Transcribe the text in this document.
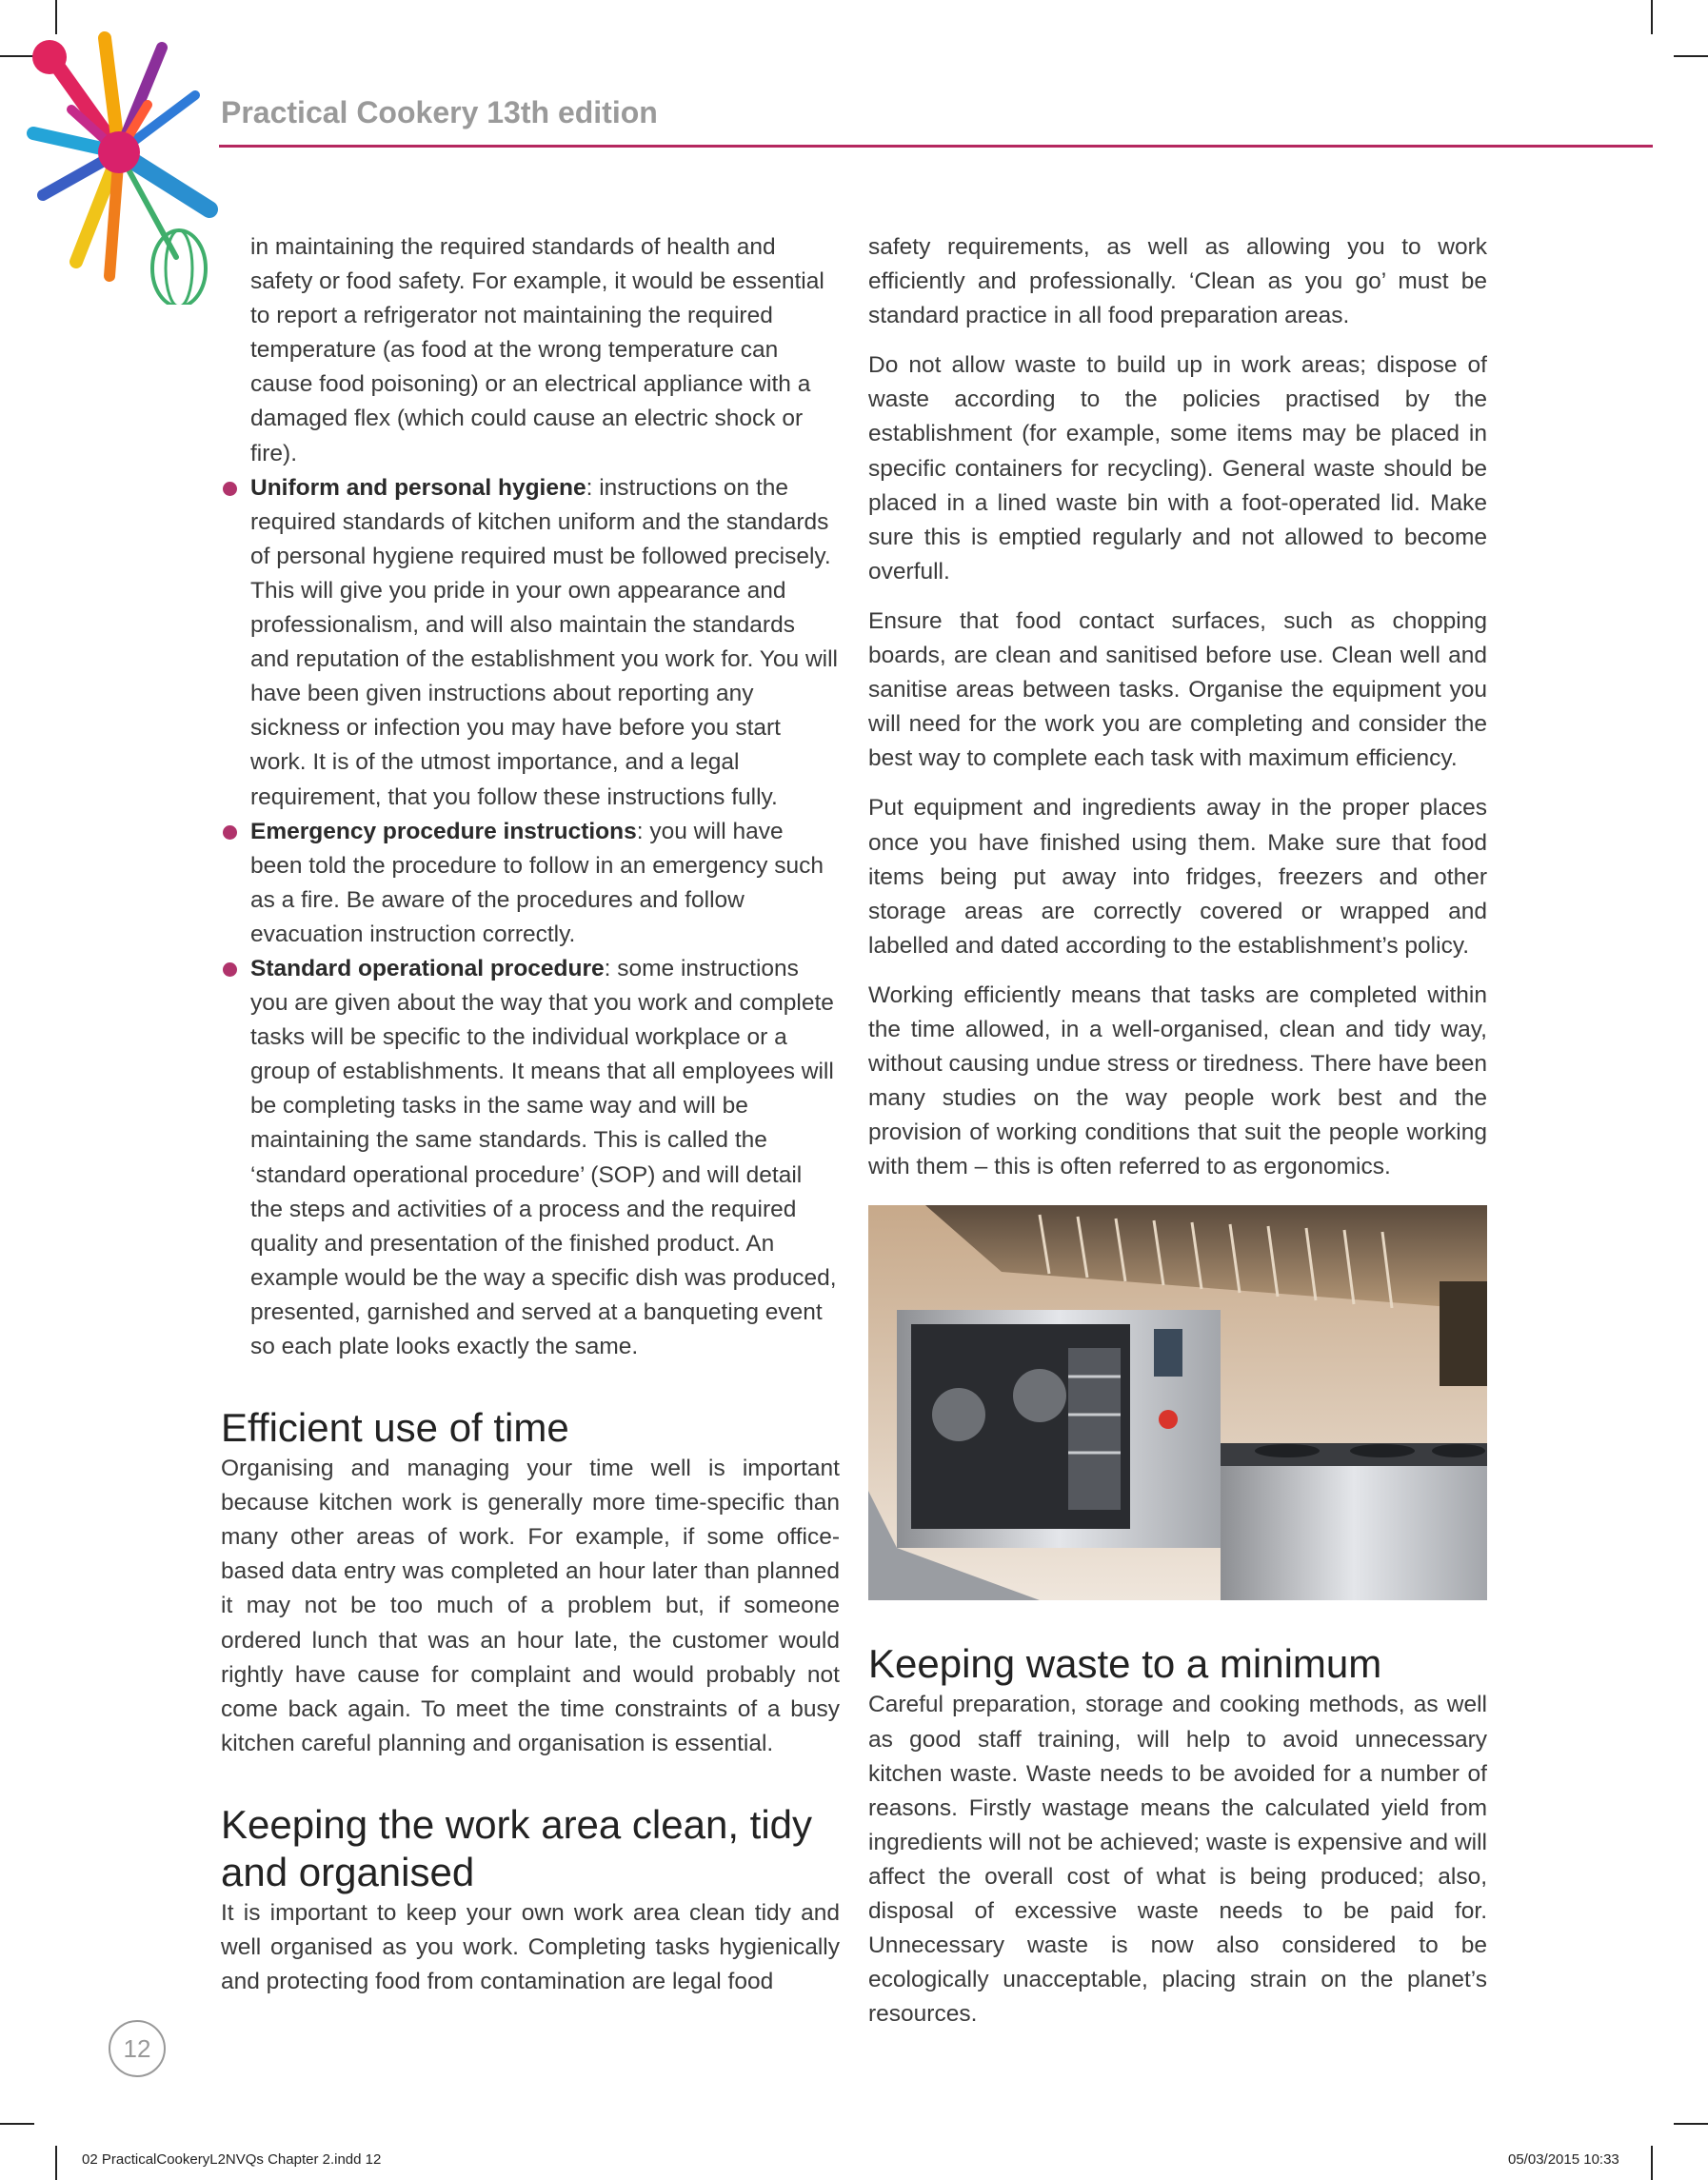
Practical Cookery 13th edition

in maintaining the required standards of health and safety or food safety. For example, it would be essential to report a refrigerator not maintaining the required temperature (as food at the wrong temperature can cause food poisoning) or an electrical appliance with a damaged flex (which could cause an electric shock or fire).

Uniform and personal hygiene: instructions on the required standards of kitchen uniform and the standards of personal hygiene required must be followed precisely. This will give you pride in your own appearance and professionalism, and will also maintain the standards and reputation of the establishment you work for. You will have been given instructions about reporting any sickness or infection you may have before you start work. It is of the utmost importance, and a legal requirement, that you follow these instructions fully.

Emergency procedure instructions: you will have been told the procedure to follow in an emergency such as a fire. Be aware of the procedures and follow evacuation instruction correctly.

Standard operational procedure: some instructions you are given about the way that you work and complete tasks will be specific to the individual workplace or a group of establishments. It means that all employees will be completing tasks in the same way and will be maintaining the same standards. This is called the ‘standard operational procedure’ (SOP) and will detail the steps and activities of a process and the required quality and presentation of the finished product. An example would be the way a specific dish was produced, presented, garnished and served at a banqueting event so each plate looks exactly the same.

Efficient use of time

Organising and managing your time well is important because kitchen work is generally more time-specific than many other areas of work. For example, if some office-based data entry was completed an hour later than planned it may not be too much of a problem but, if someone ordered lunch that was an hour late, the customer would rightly have cause for complaint and would probably not come back again. To meet the time constraints of a busy kitchen careful planning and organisation is essential.

Keeping the work area clean, tidy and organised

It is important to keep your own work area clean tidy and well organised as you work. Completing tasks hygienically and protecting food from contamination are legal food

safety requirements, as well as allowing you to work efficiently and professionally. ‘Clean as you go’ must be standard practice in all food preparation areas.

Do not allow waste to build up in work areas; dispose of waste according to the policies practised by the establishment (for example, some items may be placed in specific containers for recycling). General waste should be placed in a lined waste bin with a foot-operated lid. Make sure this is emptied regularly and not allowed to become overfull.

Ensure that food contact surfaces, such as chopping boards, are clean and sanitised before use. Clean well and sanitise areas between tasks. Organise the equipment you will need for the work you are completing and consider the best way to complete each task with maximum efficiency.

Put equipment and ingredients away in the proper places once you have finished using them. Make sure that food items being put away into fridges, freezers and other storage areas are correctly covered or wrapped and labelled and dated according to the establishment’s policy.

Working efficiently means that tasks are completed within the time allowed, in a well-organised, clean and tidy way, without causing undue stress or tiredness. There have been many studies on the way people work best and the provision of working conditions that suit the people working with them – this is often referred to as ergonomics.

Keeping waste to a minimum

Careful preparation, storage and cooking methods, as well as good staff training, will help to avoid unnecessary kitchen waste. Waste needs to be avoided for a number of reasons. Firstly wastage means the calculated yield from ingredients will not be achieved; waste is expensive and will affect the overall cost of what is being produced; also, disposal of excessive waste needs to be paid for. Unnecessary waste is now also considered to be ecologically unacceptable, placing strain on the planet’s resources.

12
02 PracticalCookeryL2NVQs Chapter 2.indd 12	05/03/2015 10:33
